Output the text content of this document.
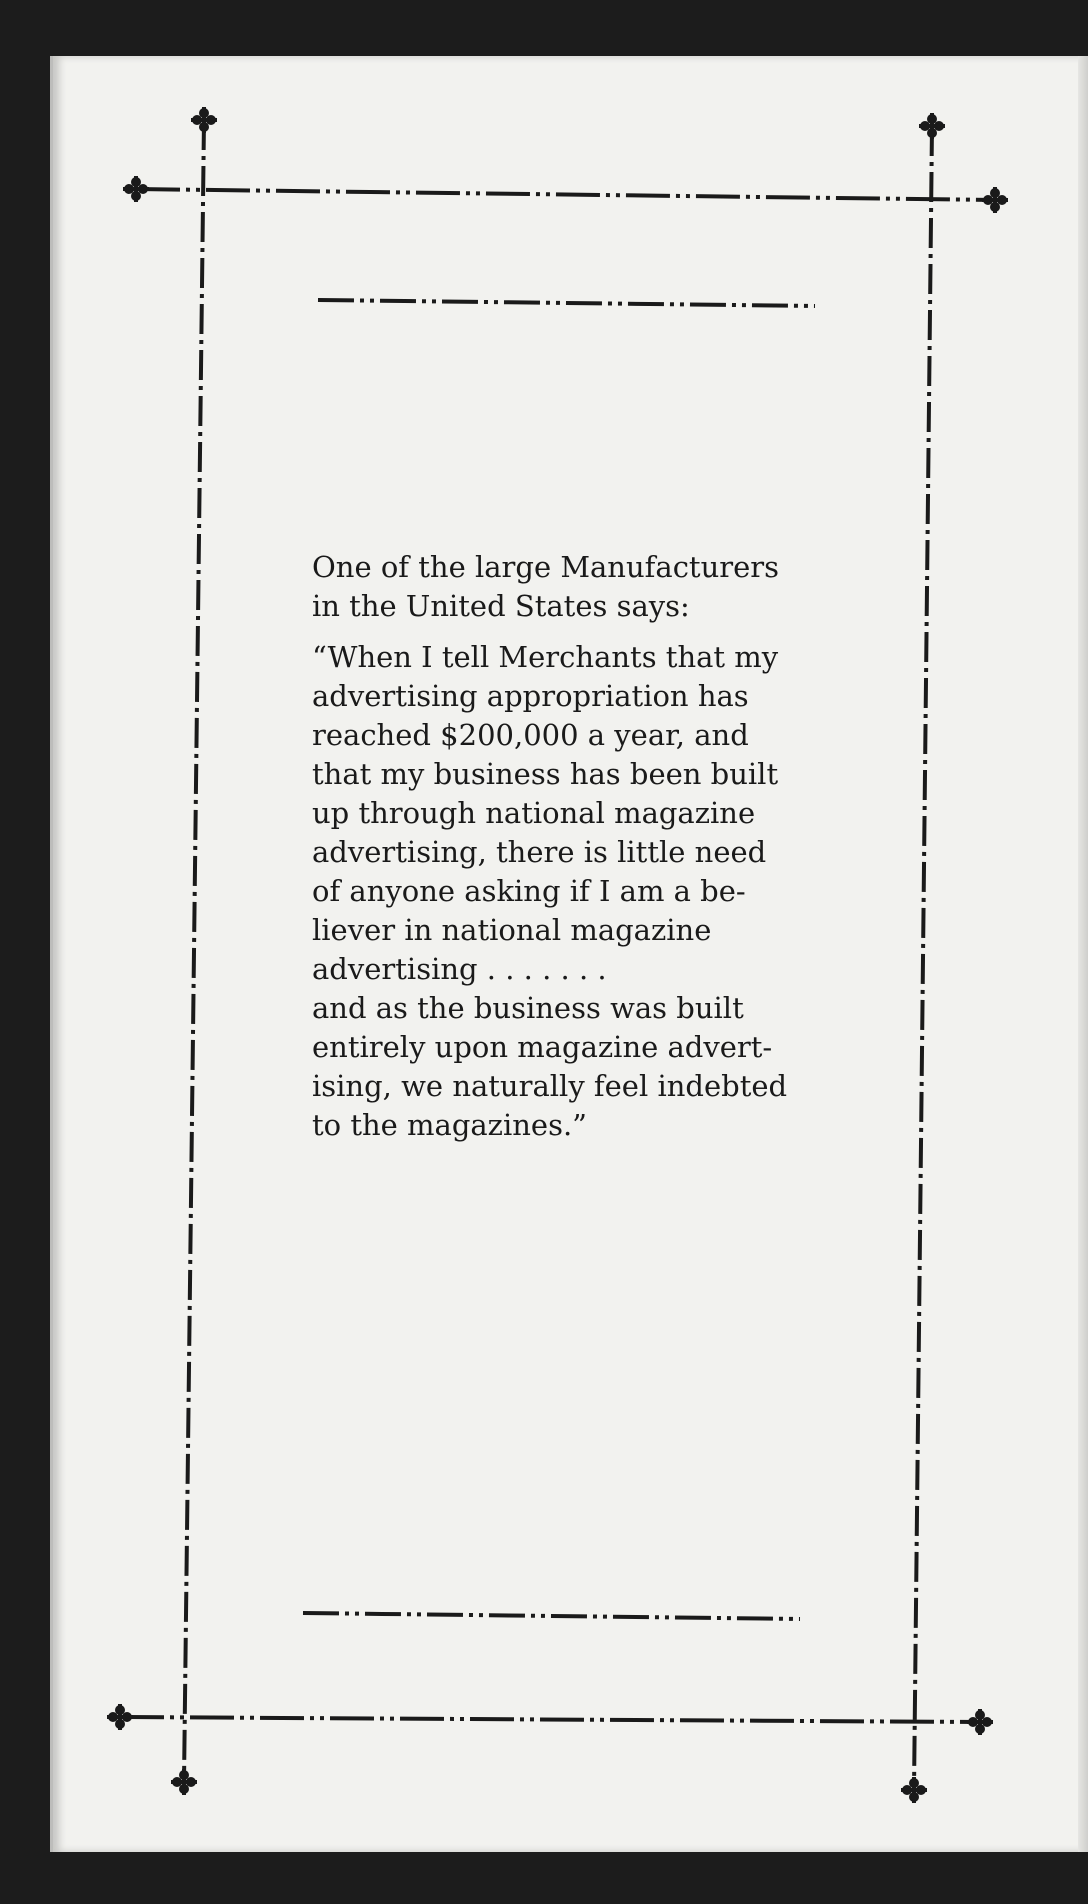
One of the large Manufacturers in the United States says:

“When I tell Merchants that my
advertising appropriation has
reached $200,000 a year, and
that my business has been built
up through national magazine
advertising, there is little need
of anyone asking if I am a be-
liever in national magazine
advertising . . . . . . .
and as the business was built
entirely upon magazine advert-
ising, we naturally feel indebted
to the magazines.”
